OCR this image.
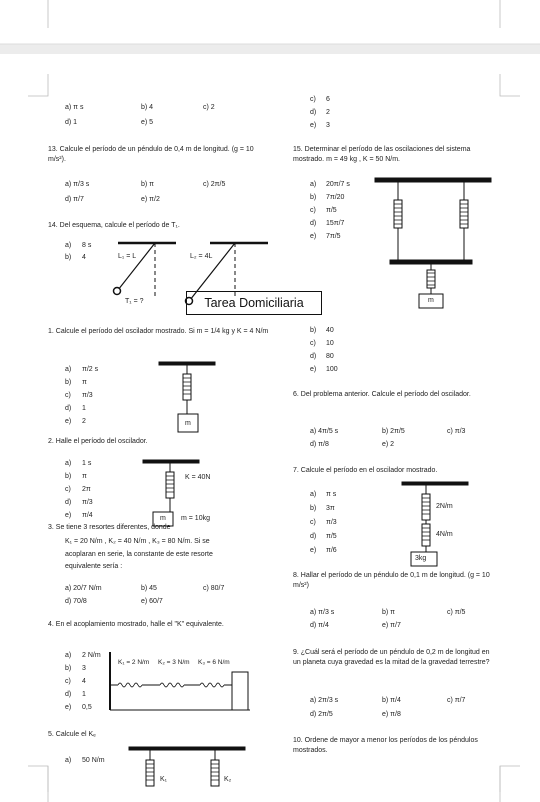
a) π s	b) 4	c) 2
d) 1	e) 5
c) 6
d) 2
e) 3
13. Calcule el período de un péndulo de 0,4 m de longitud. (g = 10 m/s²).
a) π/3 s	b) π	c) 2π/5
d) π/7	e) π/2
14. Del esquema, calcule el período de T₁.
a) 8 s
b) 4	L₁ = L	L₂ = 4L
T₁ = ?
15. Determinar el período de las oscilaciones del sistema mostrado. m = 49 kg , K = 50 N/m.
a) 20π/7 s
b) 7π/20
c) π/5
d) 15π/7
e) 7π/5
m
Tarea Domiciliaria
1. Calcule el período del oscilador mostrado. Si m = 1/4 kg y K = 4 N/m
a) π/2 s
b) π
c) π/3
d) 1
e) 2	m
2. Halle el período del oscilador.
a) 1 s
b) π
c) 2π
d) π/3
e) π/4
K = 40N
m m = 10kg
3. Se tiene 3 resortes diferentes, donde
K₁ = 20 N/m , K₂ = 40 N/m , K₃ = 80 N/m. Si se
acoplaran en serie, la constante de este resorte
equivalente sería :
a) 20/7 N/m	b) 45	c) 80/7
d) 70/8	e) 60/7
4. En el acoplamiento mostrado, halle el "K" equivalente.
a) 2 N/m
b) 3
c) 4
d) 1
e) 0,5
K₁ = 2 N/m K₂ = 3 N/m K₃ = 6 N/m
5. Calcule el Kₑ
a) 50 N/m
K₁	K₂
b) 40
c) 10
d) 80
e) 100
6. Del problema anterior. Calcule el período del oscilador.
a) 4π/5 s	b) 2π/5	c) π/3
d) π/8	e) 2
7. Calcule el período en el oscilador mostrado.
a) π s
b) 3π
c) π/3
d) π/5
e) π/6
2N/m
4N/m
3kg
8. Hallar el período de un péndulo de 0,1 m de longitud. (g = 10 m/s²)
a) π/3 s	b) π	c) π/5
d) π/4	e) π/7
9. ¿Cuál será el período de un péndulo de 0,2 m de longitud en un planeta cuya gravedad es la mitad de la gravedad terrestre?
a) 2π/3 s	b) π/4	c) π/7
d) 2π/5	e) π/8
10. Ordene de mayor a menor los períodos de los péndulos mostrados.
